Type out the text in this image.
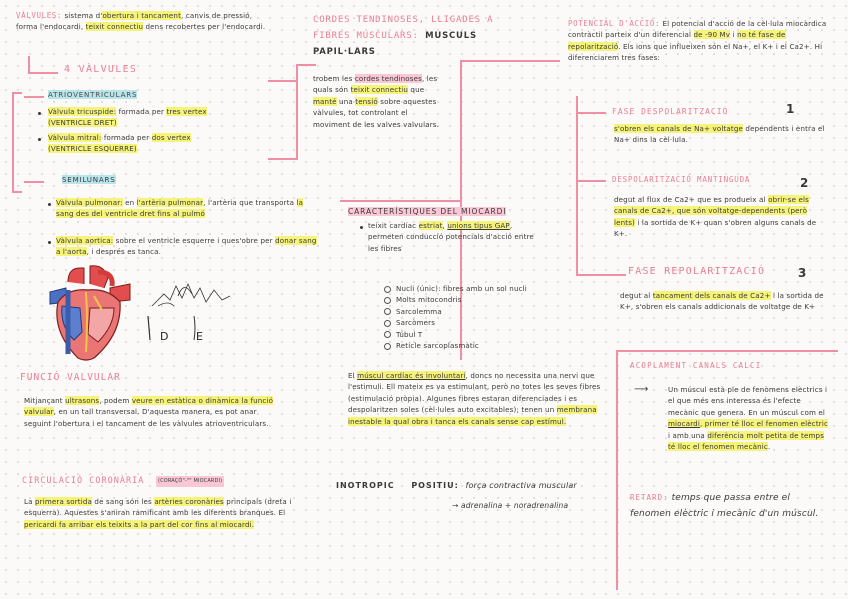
VÀLVULES: sistema d'obertura i tancament, canvis de pressió, forma l'endocardi, teixit connectiu dens recobertes per l'endocardi.
4 VÀLVULES
ATRIOVENTRICULARS
Vàlvula tricuspide: formada per tres vertex
(VENTRICLE DRET)
Vàlvula mitral: formada per dos vertex
(VENTRICLE ESQUERRE)
SEMILUNARS
Vàlvula pulmonar: en l'artèria pulmonar, l'artèria que transporta la sang des del ventricle dret fins al pulmó
Vàlvula aortica: sobre el ventricle esquerre i ques'obre per donar sang a l'aorta, i després es tanca.
D	E
FUNCIÓ VALVULAR
Mitjançant ultrasons, podem veure en estàtica o dinàmica la funció valvular, en un tall transversal. D'aquesta manera, es pot anar seguint l'obertura i el tancament de les vàlvules atrioventriculars.
CIRCULACIÓ CORONÀRIA	(CORAÇÓ"-"" MIOCARDI)
La primera sortida de sang són les artèries coronàries principals (dreta i esquerra). Aquestes s'aniran ramificant amb les diferents branques. El pericardi fa arribar els teixits a la part del cor fins al miocardi.
CORDES TENDINOSES, LLIGADES A
FIBRES MUSCULARS: MUSCULS PAPIL·LARS
trobem les cordes tendinoses, les quals són teixit connectiu que manté una tensió sobre aquestes vàlvules, tot controlant el moviment de les valves valvulars.
CARACTERÍSTIQUES DEL MIOCARDI
teixit cardíac estriat, unions tipus GAP, permeten conducció potencials d'acció entre les fibres
Nucli (únic): fibres amb un sol nucli
Molts mitocondris
Sarcolemma
Sarcòmers
Túbul T
Retícle sarcoplasmàtic
El múscul cardíac és involuntari, doncs no necessita una nervi que l'estimuli. Ell mateix es va estimulant, però no totes les seves fibres (estimulació pròpia). Algunes fibres estaran diferenciades i es despolaritzen soles (cèl·lules auto excitables); tenen un membrana inestable la qual obra i tanca els canals sense cap estímul.
INOTROPIC POSITIU: força contractiva muscular
→ adrenalina + noradrenalina
POTENCIAL D'ACCIÓ: El potencial d'acció de la cèl·lula miocàrdica contràctil parteix d'un diferencial de -90 Mv i no té fase de repolarització. Els ions que influeixen són el Na+, el K+ i el Ca2+. Hi diferenciarem tres fases:
FASE DESPOLARITZACIÓ	1
s'obren els canals de Na+ voltatge dependents i entra el Na+ dins la cèl·lula.
DESPOLARITZACIÓ MANTINGUDA	2
degut al flux de Ca2+ que es produeix al obrir-se els canals de Ca2+, que són voltatge-dependents (però lents) i la sortida de K+ quan s'obren alguns canals de K+.
FASE REPOLARITZACIÓ	3
degut al tancament dels canals de Ca2+ i la sortida de K+, s'obren els canals addicionals de voltatge de K+
ACOPLAMENT CANALS CALCI
⟶	Un múscul està ple de fenòmens elèctrics i el que més ens interessa és l'efecte mecànic que genera. En un múscul com el miocardi, primer té lloc el fenomen elèctric i amb una diferència molt petita de temps té lloc el fenomen mecànic.
RETARD: temps que passa entre el fenomen elèctric i mecànic d'un múscul.
